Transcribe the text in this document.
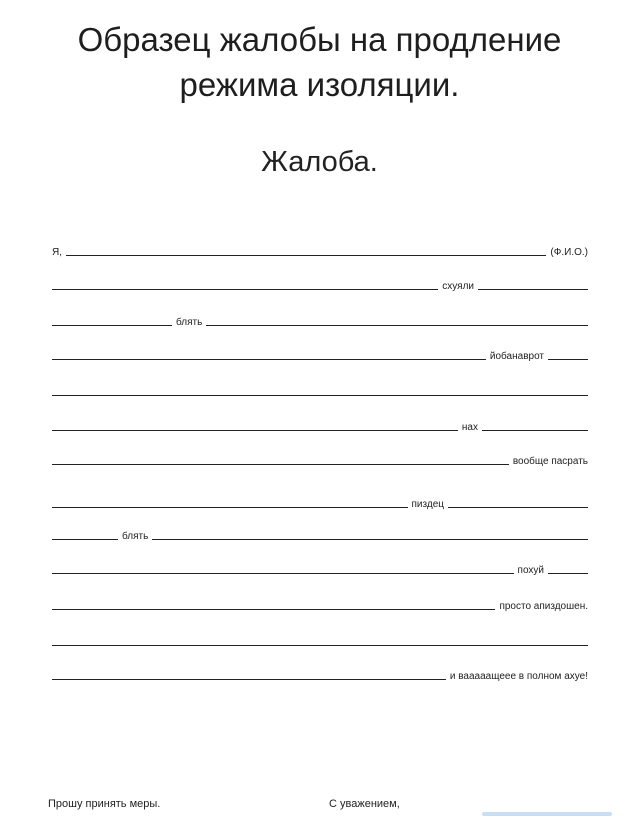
Образец жалобы на продление
режима изоляции.
Жалоба.
Я,	(Ф.И.О.)
схуяли
блять
йобанаврот
нах
вообще пасрать
пиздец
блять
похуй
просто апиздошен.
и вааааащеее в полном ахуе!
Прошу принять меры.	С уважением,
